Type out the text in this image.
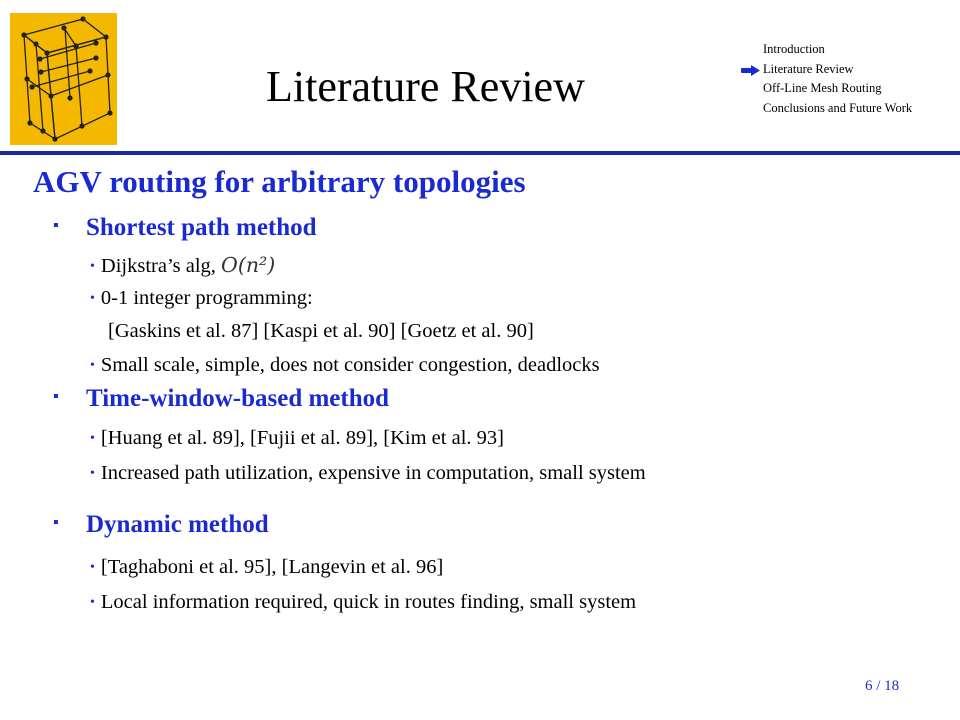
Literature Review
Introduction
Literature Review
Off-Line Mesh Routing
Conclusions and Future Work
AGV routing for arbitrary topologies
▪ Shortest path method
• Dijkstra’s alg, O(n²)
• 0-1 integer programming:
[Gaskins et al. 87] [Kaspi et al. 90] [Goetz et al. 90]
• Small scale, simple, does not consider congestion, deadlocks
▪ Time-window-based method
• [Huang et al. 89], [Fujii et al. 89], [Kim et al. 93]
• Increased path utilization, expensive in computation, small system
▪ Dynamic method
• [Taghaboni et al. 95], [Langevin et al. 96]
• Local information required, quick in routes finding, small system
6 / 18
